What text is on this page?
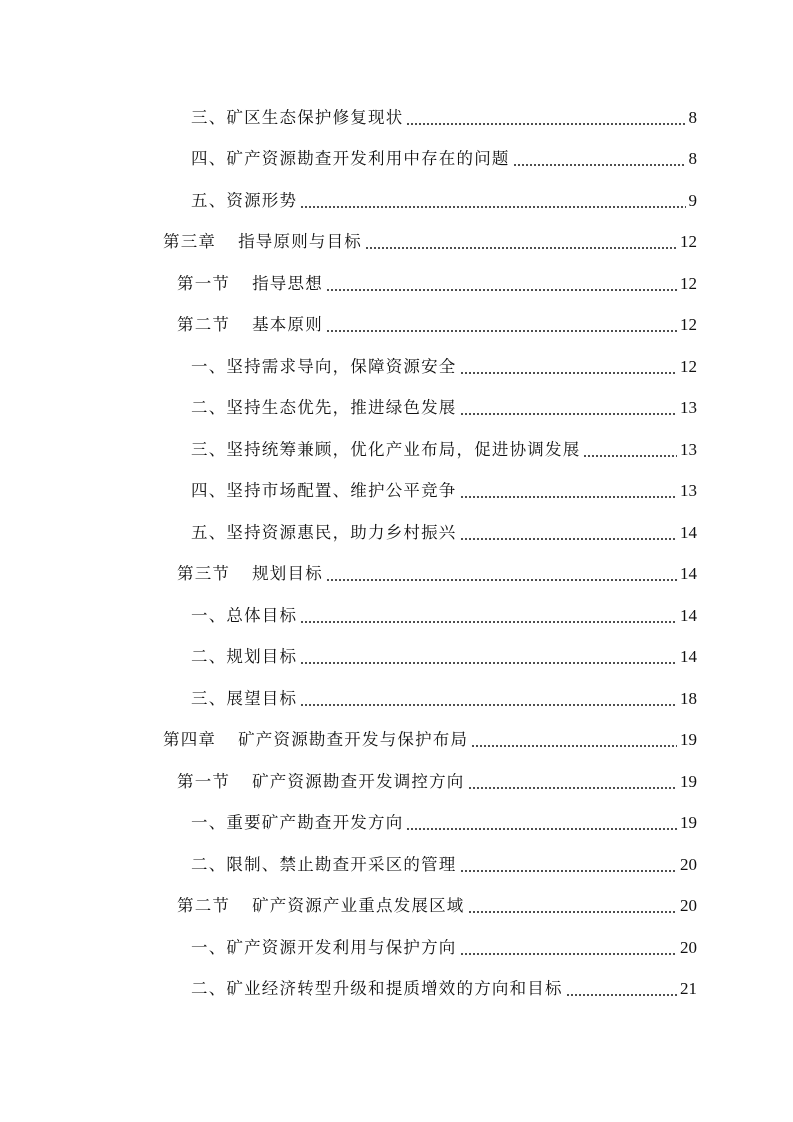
三、矿区生态保护修复现状	8
四、矿产资源勘查开发利用中存在的问题	8
五、资源形势	9
第三章 指导原则与目标	12
第一节 指导思想	12
第二节 基本原则	12
一、坚持需求导向，保障资源安全	12
二、坚持生态优先，推进绿色发展	13
三、坚持统筹兼顾，优化产业布局，促进协调发展	13
四、坚持市场配置、维护公平竞争	13
五、坚持资源惠民，助力乡村振兴	14
第三节 规划目标	14
一、总体目标	14
二、规划目标	14
三、展望目标	18
第四章 矿产资源勘查开发与保护布局	19
第一节 矿产资源勘查开发调控方向	19
一、重要矿产勘查开发方向	19
二、限制、禁止勘查开采区的管理	20
第二节 矿产资源产业重点发展区域	20
一、矿产资源开发利用与保护方向	20
二、矿业经济转型升级和提质增效的方向和目标	21
